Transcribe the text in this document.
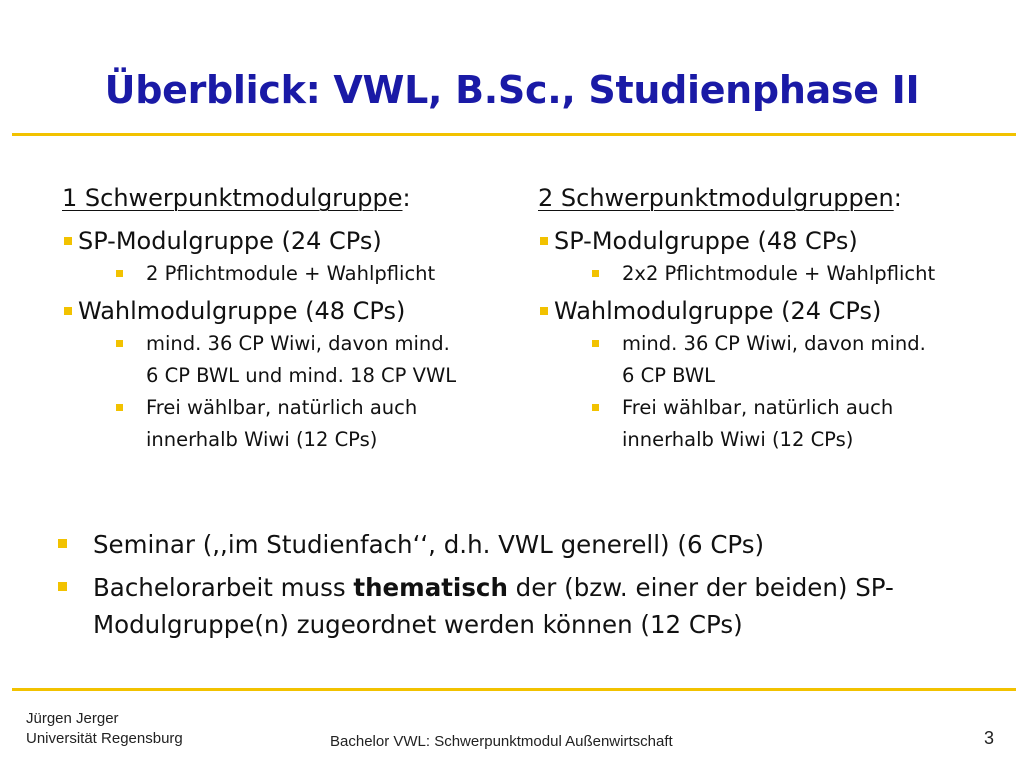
Überblick: VWL, B.Sc., Studienphase II
1 Schwerpunktmodulgruppe:
SP-Modulgruppe (24 CPs)
2 Pflichtmodule + Wahlpflicht
Wahlmodulgruppe (48 CPs)
mind. 36 CP Wiwi, davon mind.
6 CP BWL und mind. 18 CP VWL
Frei wählbar, natürlich auch
innerhalb Wiwi (12 CPs)
2 Schwerpunktmodulgruppen:
SP-Modulgruppe (48 CPs)
2x2 Pflichtmodule + Wahlpflicht
Wahlmodulgruppe (24 CPs)
mind. 36 CP Wiwi, davon mind.
6 CP BWL
Frei wählbar, natürlich auch
innerhalb Wiwi (12 CPs)
Seminar (,,im Studienfach‘‘, d.h. VWL generell) (6 CPs)
Bachelorarbeit muss thematisch der (bzw. einer der beiden) SP-
Modulgruppe(n) zugeordnet werden können (12 CPs)
Jürgen Jerger
Universität Regensburg	Bachelor VWL: Schwerpunktmodul Außenwirtschaft	3
